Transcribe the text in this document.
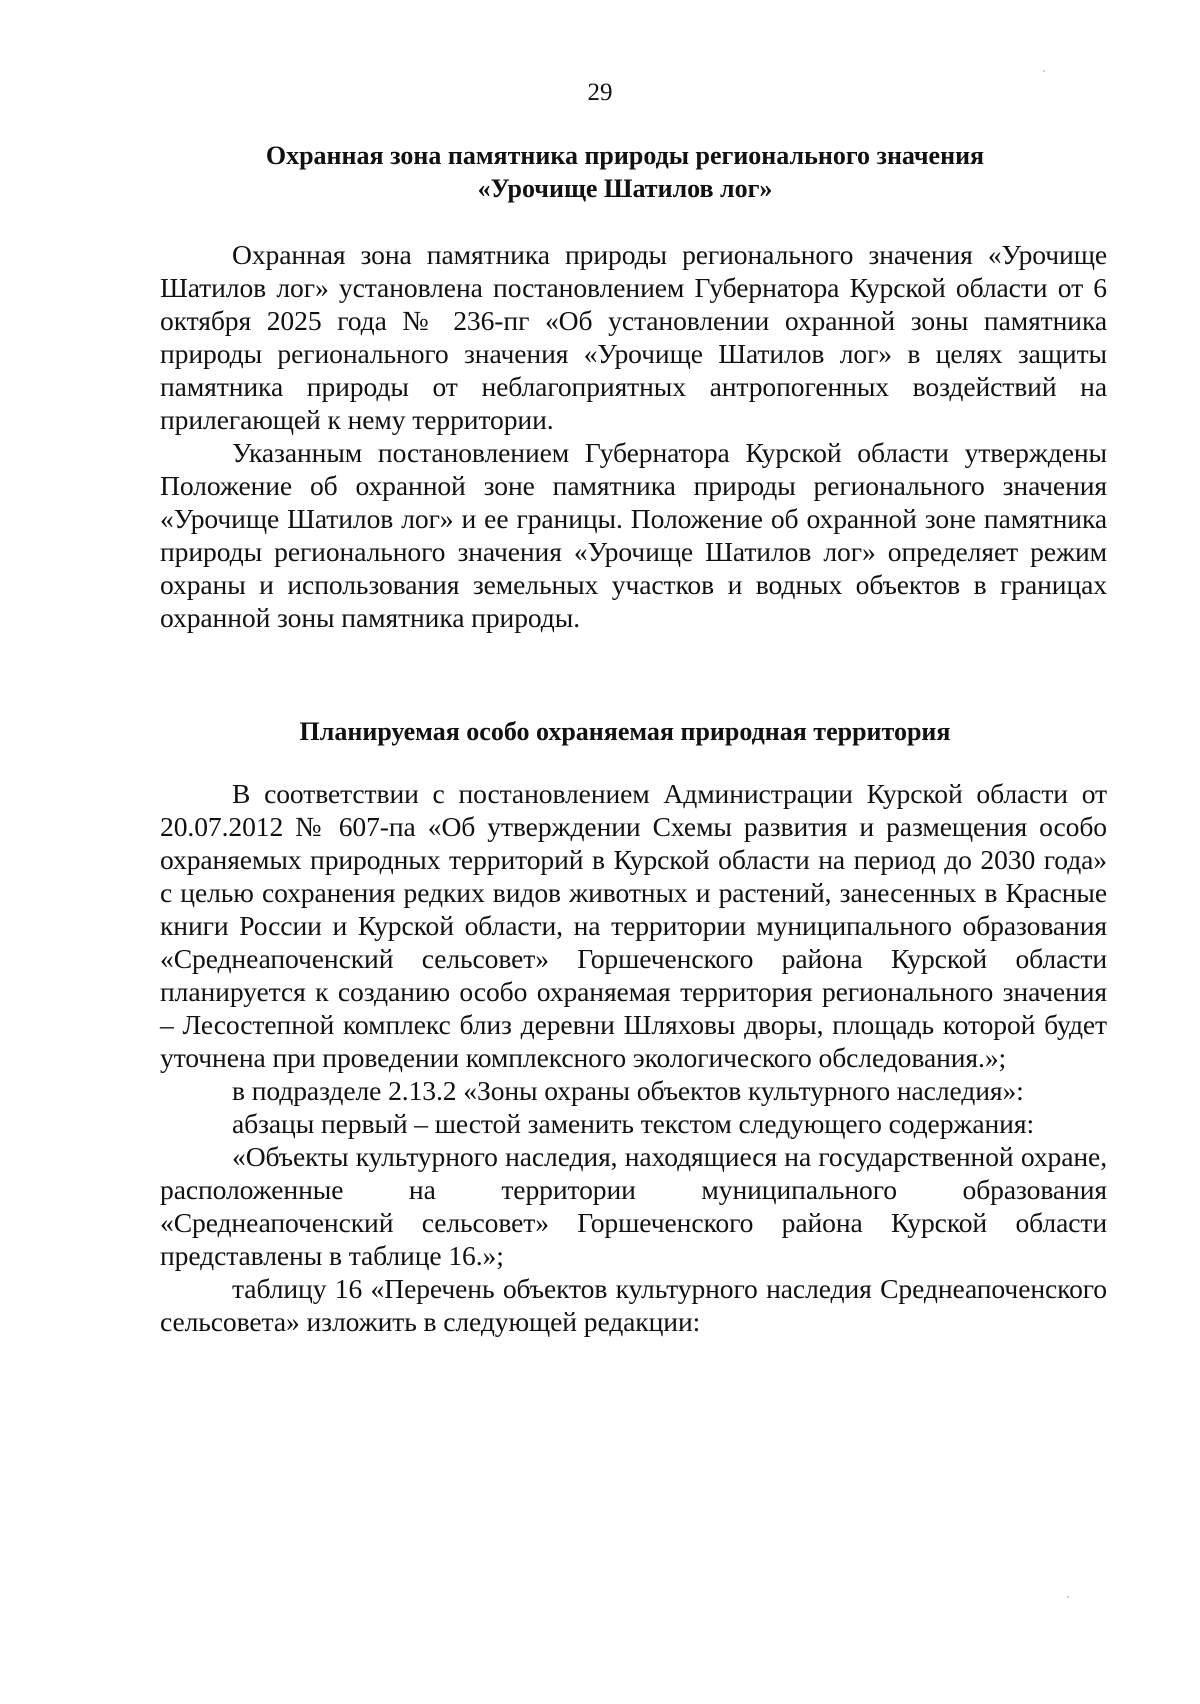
29
Охранная зона памятника природы регионального значения
«Урочище Шатилов лог»

Охранная зона памятника природы регионального значения «Урочище Шатилов лог» установлена постановлением Губернатора Курской области от 6 октября 2025 года № 236-пг «Об установлении охранной зоны памятника природы регионального значения «Урочище Шатилов лог» в целях защиты памятника природы от неблагоприятных антропогенных воздействий на прилегающей к нему территории.

Указанным постановлением Губернатора Курской области утверждены Положение об охранной зоне памятника природы регионального значения «Урочище Шатилов лог» и ее границы. Положение об охранной зоне памятника природы регионального значения «Урочище Шатилов лог» определяет режим охраны и использования земельных участков и водных объектов в границах охранной зоны памятника природы.

Планируемая особо охраняемая природная территория

В соответствии с постановлением Администрации Курской области от 20.07.2012 № 607-па «Об утверждении Схемы развития и размещения особо охраняемых природных территорий в Курской области на период до 2030 года» с целью сохранения редких видов животных и растений, занесенных в Красные книги России и Курской области, на территории муниципального образования «Среднеапоченский сельсовет» Горшеченского района Курской области планируется к созданию особо охраняемая территория регионального значения – Лесостепной комплекс близ деревни Шляховы дворы, площадь которой будет уточнена при проведении комплексного экологического обследования.»;

в подразделе 2.13.2 «Зоны охраны объектов культурного наследия»:

абзацы первый – шестой заменить текстом следующего содержания:

«Объекты культурного наследия, находящиеся на государственной охране, расположенные на территории муниципального образования «Среднеапоченский сельсовет» Горшеченского района Курской области представлены в таблице 16.»;

таблицу 16 «Перечень объектов культурного наследия Среднеапоченского сельсовета» изложить в следующей редакции:
